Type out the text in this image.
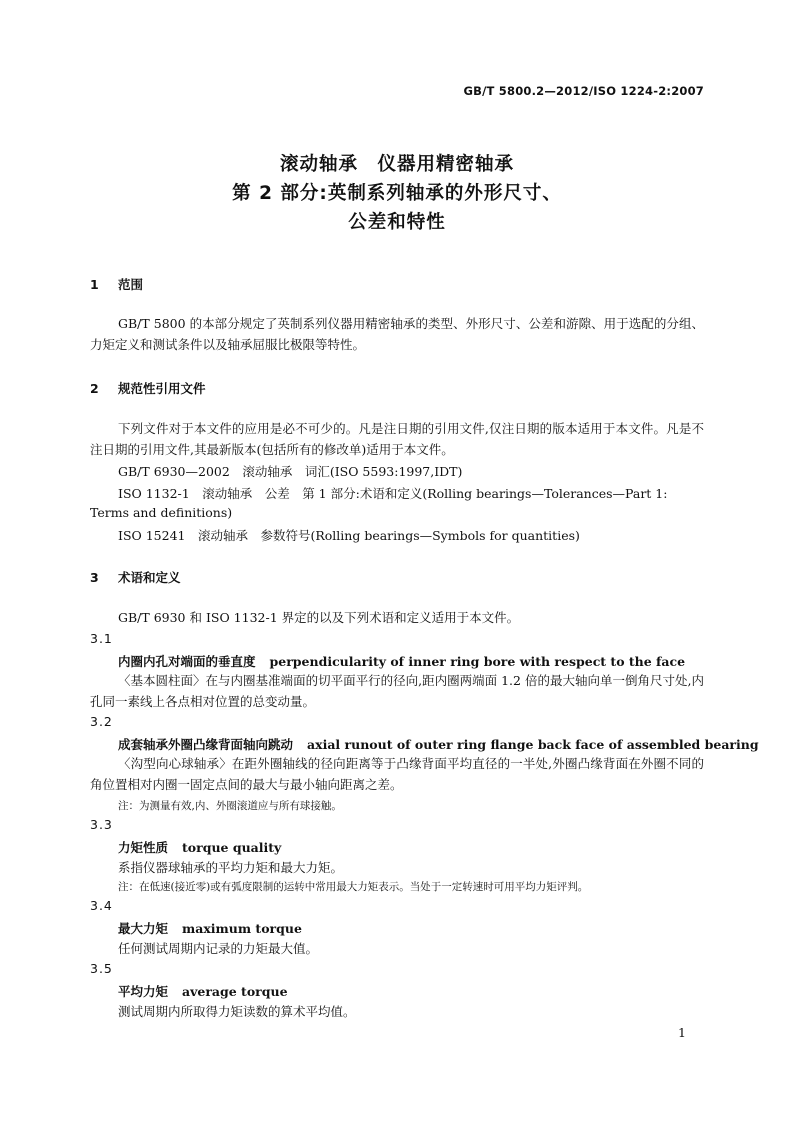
GB/T 5800.2—2012/ISO 1224-2:2007
滚动轴承　仪器用精密轴承
第 2 部分:英制系列轴承的外形尺寸、
公差和特性
1 范围
GB/T 5800 的本部分规定了英制系列仪器用精密轴承的类型、外形尺寸、公差和游隙、用于选配的分组、力矩定义和测试条件以及轴承屈服比极限等特性。
2 规范性引用文件
下列文件对于本文件的应用是必不可少的。凡是注日期的引用文件,仅注日期的版本适用于本文件。凡是不注日期的引用文件,其最新版本(包括所有的修改单)适用于本文件。
GB/T 6930—2002　滚动轴承　词汇(ISO 5593:1997,IDT)
ISO 1132-1　滚动轴承　公差　第 1 部分:术语和定义(Rolling bearings—Tolerances—Part 1:
Terms and definitions)
ISO 15241　滚动轴承　参数符号(Rolling bearings—Symbols for quantities)
3 术语和定义
GB/T 6930 和 ISO 1132-1 界定的以及下列术语和定义适用于本文件。
3.1
内圈内孔对端面的垂直度 perpendicularity of inner ring bore with respect to the face
〈基本圆柱面〉在与内圈基准端面的切平面平行的径向,距内圈两端面 1.2 倍的最大轴向单一倒角尺寸处,内孔同一素线上各点相对位置的总变动量。
3.2
成套轴承外圈凸缘背面轴向跳动 axial runout of outer ring flange back face of assembled bearing
〈沟型向心球轴承〉在距外圈轴线的径向距离等于凸缘背面平均直径的一半处,外圈凸缘背面在外圈不同的角位置相对内圈一固定点间的最大与最小轴向距离之差。
注：为测量有效,内、外圈滚道应与所有球接触。
3.3
力矩性质 torque quality
系指仪器球轴承的平均力矩和最大力矩。
注：在低速(接近零)或有弧度限制的运转中常用最大力矩表示。当处于一定转速时可用平均力矩评判。
3.4
最大力矩 maximum torque
任何测试周期内记录的力矩最大值。
3.5
平均力矩 average torque
测试周期内所取得力矩读数的算术平均值。
1
